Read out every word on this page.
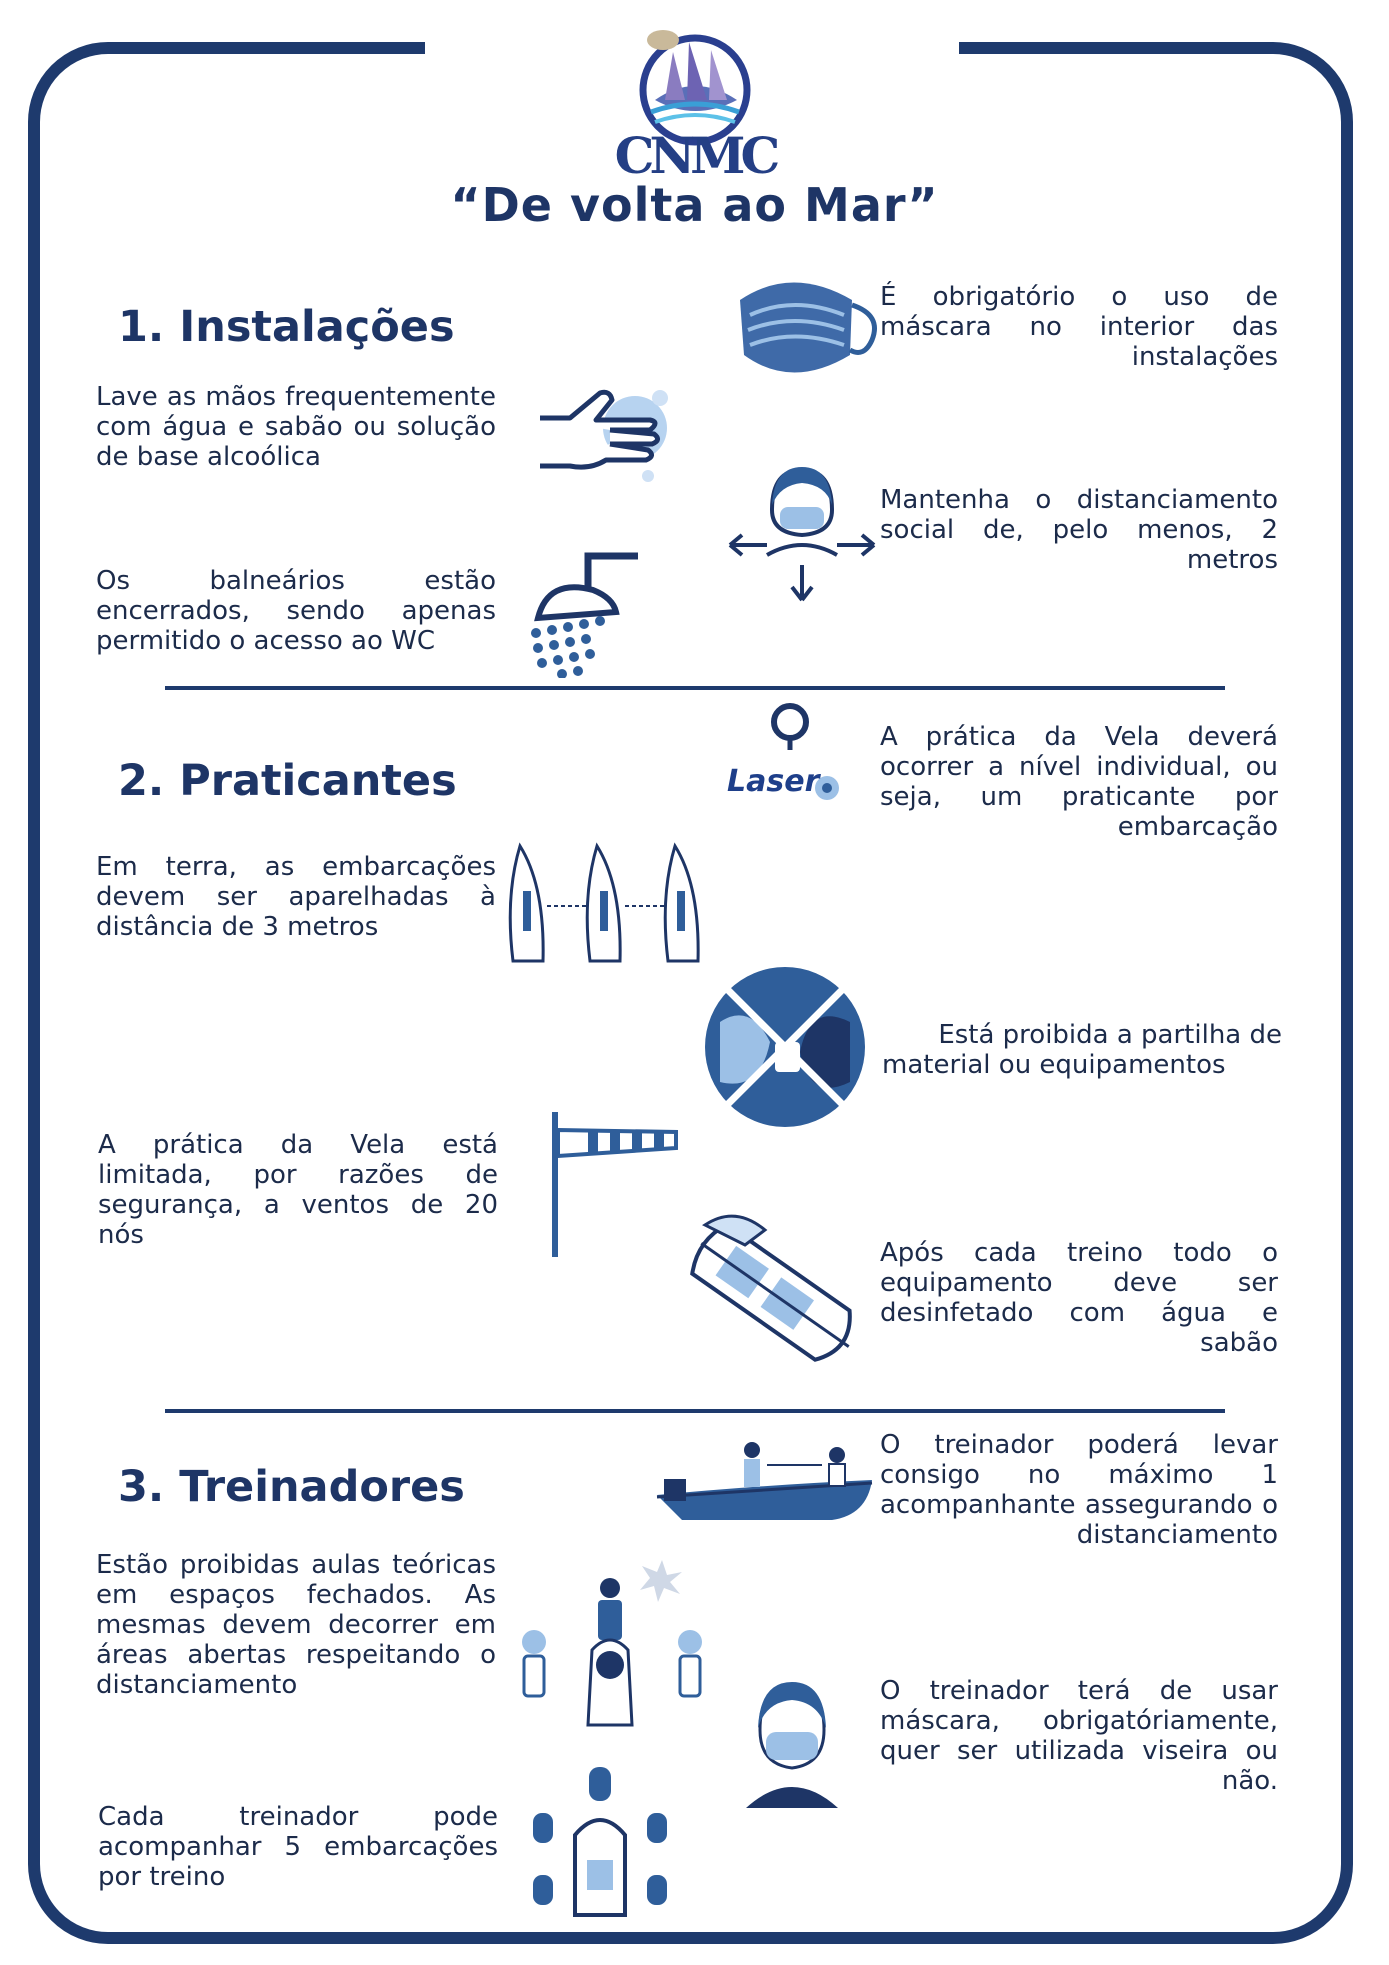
CNMC
“De volta ao Mar”
1. Instalações
É obrigatório o uso de máscara no interior das instalações
Lave as mãos frequentemente com água e sabão ou solução de base alcoólica
Mantenha o distanciamento social de, pelo menos, 2 metros
Os balneários estão encerrados, sendo apenas permitido o acesso ao WC
2. Praticantes	Laser
A prática da Vela deverá ocorrer a nível individual, ou seja, um praticante por embarcação
Em terra, as embarcações devem ser aparelhadas à distância de 3 metros
Está proibida a partilha de material ou equipamentos
A prática da Vela está limitada, por razões de segurança, a ventos de 20 nós
Após cada treino todo o equipamento deve ser desinfetado com água e sabão
3. Treinadores
O treinador poderá levar consigo no máximo 1 acompanhante assegurando o distanciamento
Estão proibidas aulas teóricas em espaços fechados. As mesmas devem decorrer em áreas abertas respeitando o distanciamento	O treinador terá de usar máscara, obrigatóriamente, quer ser utilizada viseira ou não.
Cada treinador pode acompanhar 5 embarcações por treino
